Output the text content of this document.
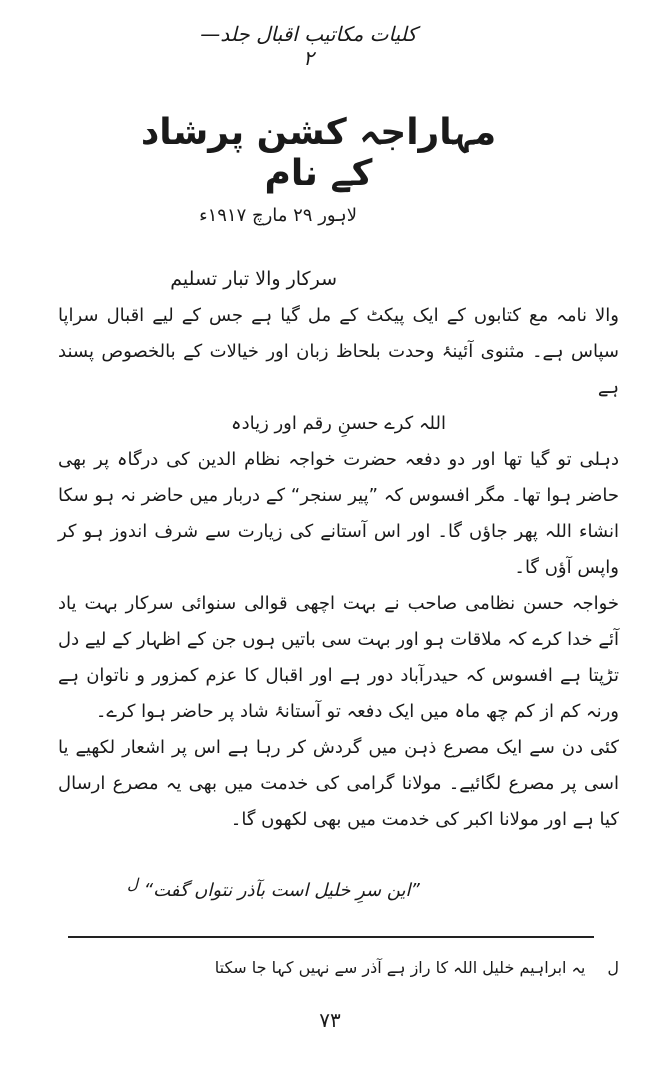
کلیات مکاتیب اقبال جلد—۲
مہاراجہ کشن پرشاد کے نام
لاہور ۲۹ مارچ ۱۹۱۷ء
سرکار والا تبار تسلیم

والا نامہ مع کتابوں کے ایک پیکٹ کے مل گیا ہے جس کے لیے اقبال سراپا سپاس ہے۔ مثنوی آئینۂ وحدت بلحاظ زبان اور خیالات کے بالخصوص پسند ہے

اللہ کرے حسنِ رقم اور زیادہ

دہلی تو گیا تھا اور دو دفعہ حضرت خواجہ نظام الدین کی درگاہ پر بھی حاضر ہوا تھا۔ مگر افسوس کہ ”پیر سنجر“ کے دربار میں حاضر نہ ہو سکا انشاء اللہ پھر جاؤں گا۔ اور اس آستانے کی زیارت سے شرف اندوز ہو کر واپس آؤں گا۔

خواجہ حسن نظامی صاحب نے بہت اچھی قوالی سنوائی سرکار بہت یاد آئے خدا کرے کہ ملاقات ہو اور بہت سی باتیں ہوں جن کے اظہار کے لیے دل تڑپتا ہے افسوس کہ حیدرآباد دور ہے اور اقبال کا عزم کمزور و ناتوان ہے ورنہ کم از کم چھ ماہ میں ایک دفعہ تو آستانۂ شاد پر حاضر ہوا کرے۔

کئی دن سے ایک مصرع ذہن میں گردش کر رہا ہے اس پر اشعار لکھیے یا اسی پر مصرع لگائیے۔ مولانا گرامی کی خدمت میں بھی یہ مصرع ارسال کیا ہے اور مولانا اکبر کی خدمت میں بھی لکھوں گا۔

”این سرِ خلیل است بآذر نتواں گفت“ $^ل$
ل
یہ ابراہیم خلیل اللہ کا راز ہے آذر سے نہیں کہا جا سکتا
۷۳
